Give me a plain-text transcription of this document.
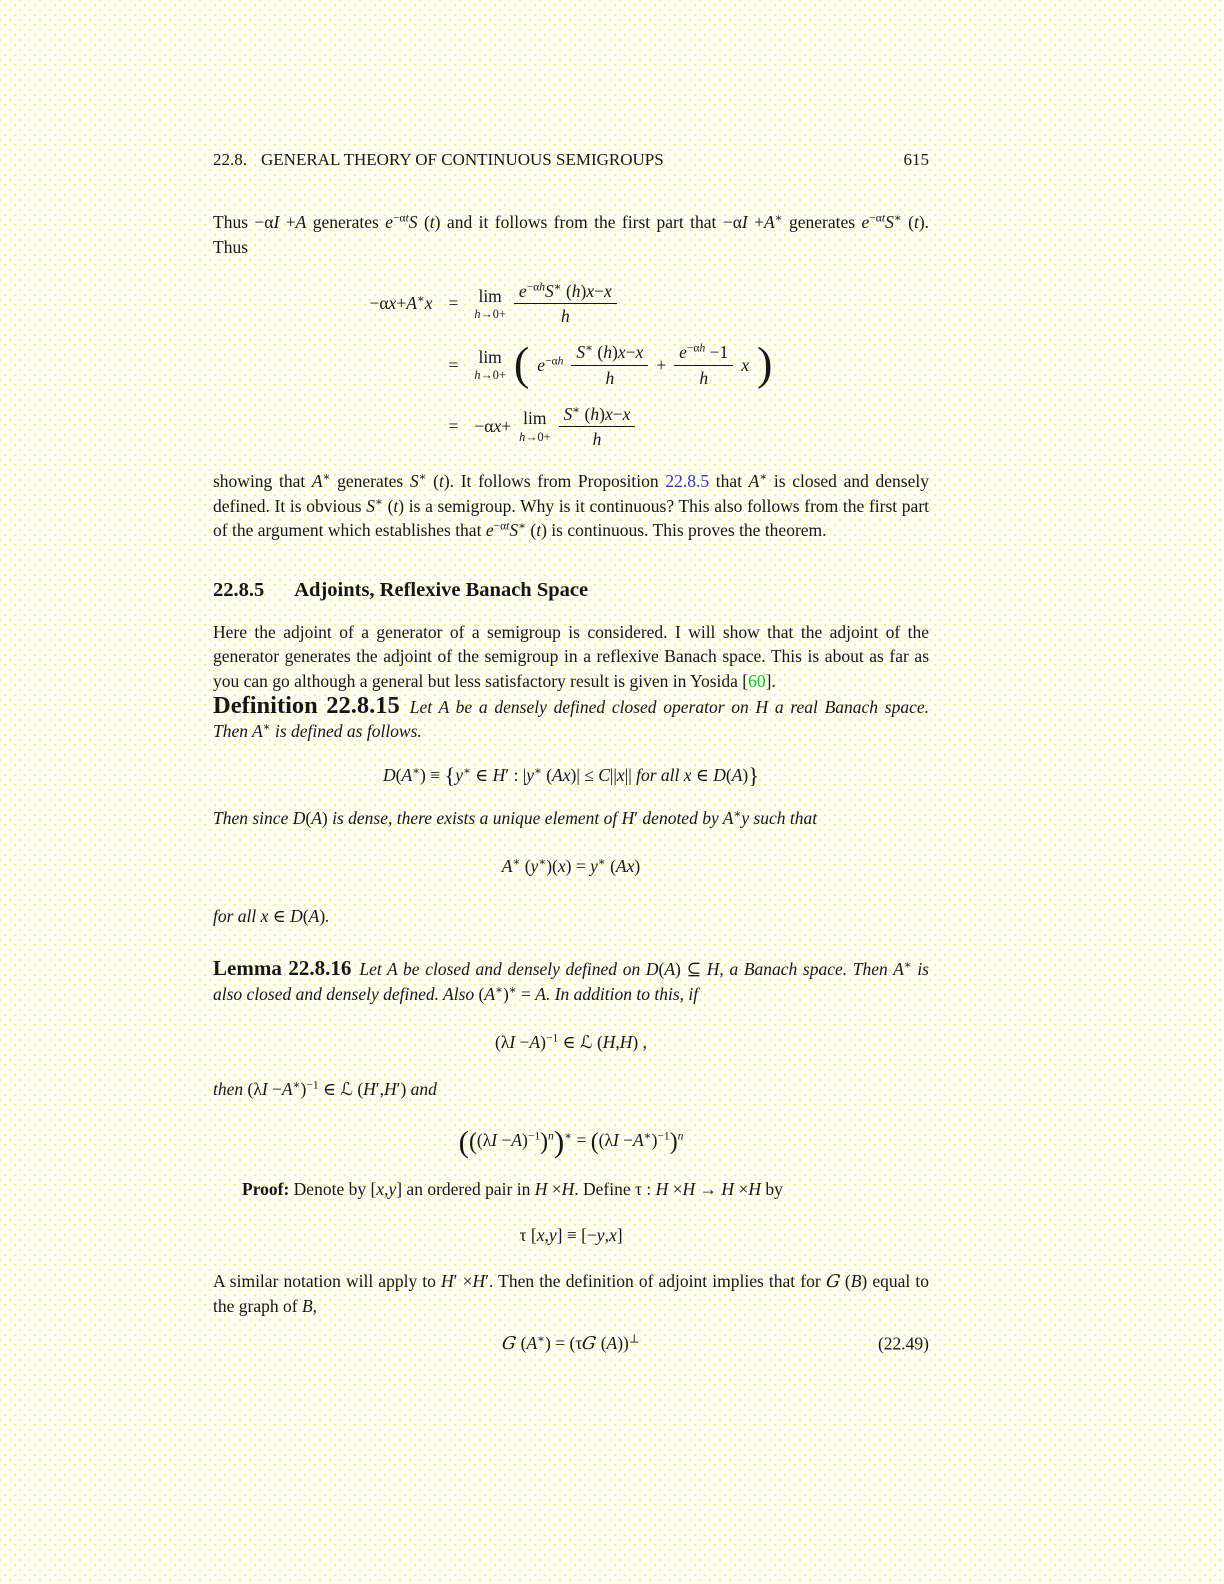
22.8. GENERAL THEORY OF CONTINUOUS SEMIGROUPS	615

Thus −αI +A generates $e^{-\alpha t}S$ (t) and it follows from the first part that −αI +A∗ generates $e^{-\alpha t}S^∗$ (t). Thus

−αx+A∗x = lim
$h\to 0+ \frac{e^{-\alpha h}S^∗ (h)x-x}{h}$
= lim
h→0+ ( $e^{-\alpha h} \frac{S^∗ (h)x-x}{h} + \frac{e^{-\alpha h} -1}{h}$ x )
= −αx+ lim
$h\to 0+ \frac{S^∗ (h)x-x}{h}$

showing that A∗ generates S∗ (t). It follows from Proposition 22.8.5 that A∗ is closed and densely defined. It is obvious S∗ (t) is a semigroup. Why is it continuous? This also follows from the first part of the argument which establishes that $e^{-\alpha t}S^∗$ (t) is continuous. This proves the theorem.

22.8.5 Adjoints, Reflexive Banach Space

Here the adjoint of a generator of a semigroup is considered. I will show that the adjoint of the generator generates the adjoint of the semigroup in a reflexive Banach space. This is about as far as you can go although a general but less satisfactory result is given in Yosida [60].

Definition 22.8.15 Let A be a densely defined closed operator on H a real Banach space. Then A∗ is defined as follows.

D(A∗) ≡ {y∗ ∈ H′ : |y∗ (Ax)| ≤ C||x|| for all x ∈ D(A)}

Then since D(A) is dense, there exists a unique element of H′ denoted by A∗y such that

A∗ (y∗)(x) = y∗ (Ax)

for all x ∈ D(A).

Lemma 22.8.16 Let A be closed and densely defined on D(A) ⊆ H, a Banach space. Then A∗ is also closed and densely defined. Also (A∗)∗ = A. In addition to this, if

$(\lambda I -A)^{-1}$ ∈ ℒ (H,H) ,

then $(\lambda I -A^∗)^{-1}$ ∈ ℒ (H′,H′) and

$(((\lambda I -A)^{-1})^n)^∗ = ((\lambda I -A^∗)^{-1})^n$

Proof: Denote by [x,y] an ordered pair in H ×H. Define τ : H ×H → H ×H by

τ [x,y] ≡ [−y,x]

A similar notation will apply to H′ ×H′. Then the definition of adjoint implies that for G (B) equal to the graph of B,

G (A∗) = (τG (A))⊥	(22.49)
